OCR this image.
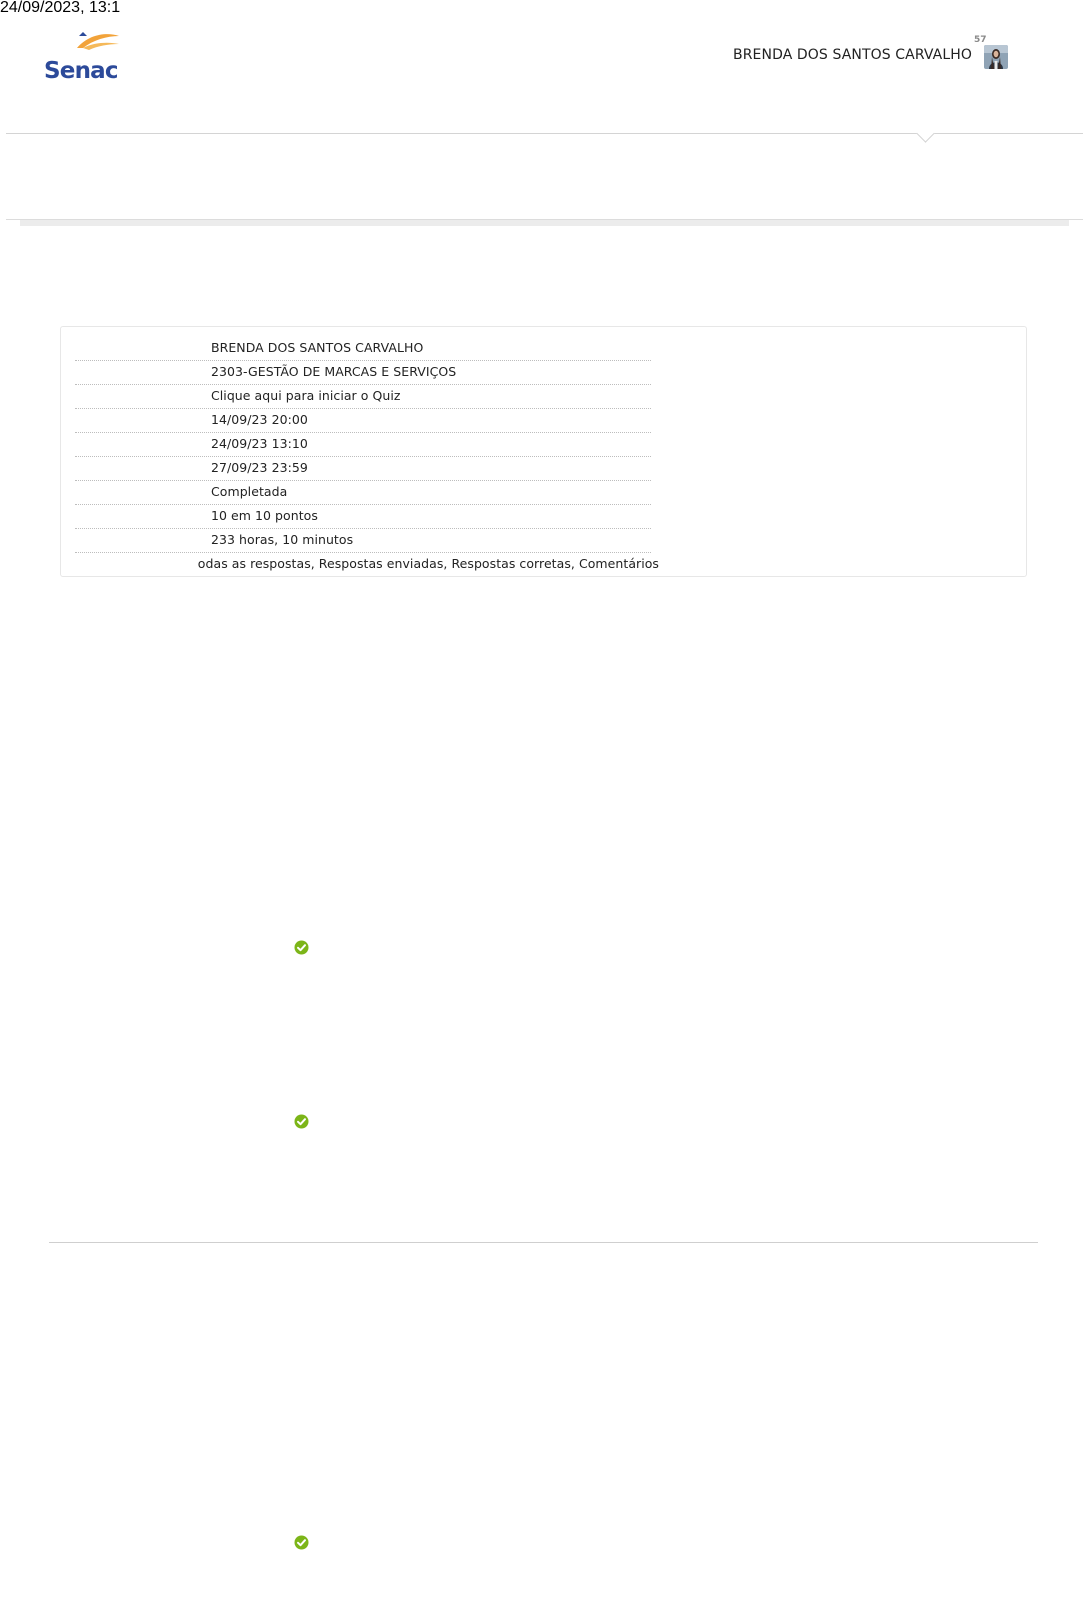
24/09/2023, 13:1
Senac
BRENDA DOS SANTOS CARVALHO
57
BRENDA DOS SANTOS CARVALHO
2303-GESTÃO DE MARCAS E SERVIÇOS
Clique aqui para iniciar o Quiz
14/09/23 20:00
24/09/23 13:10
27/09/23 23:59
Completada
10 em 10 pontos
233 horas, 10 minutos
odas as respostas, Respostas enviadas, Respostas corretas, Comentários
